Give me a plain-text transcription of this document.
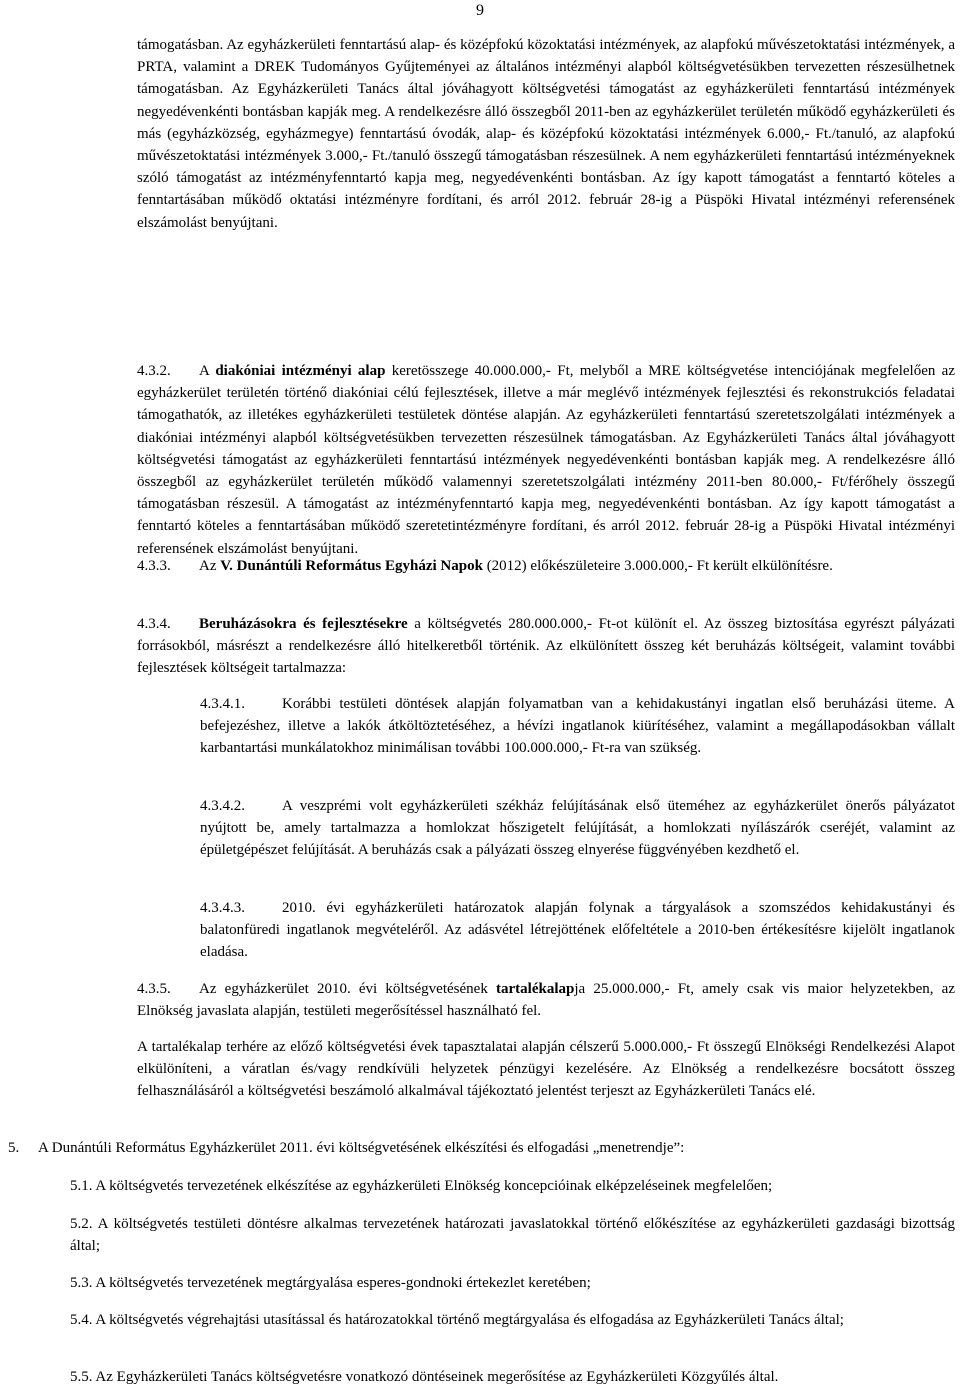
9

támogatásban. Az egyházkerületi fenntartású alap- és középfokú közoktatási intézmények, az alapfokú művészetoktatási intézmények, a PRTA, valamint a DREK Tudományos Gyűjteményei az általános intézményi alapból költségvetésükben tervezetten részesülhetnek támogatásban. Az Egyházkerületi Tanács által jóváhagyott költségvetési támogatást az egyházkerületi fenntartású intézmények negyedévenkénti bontásban kapják meg. A rendelkezésre álló összegből 2011-ben az egyházkerület területén működő egyházkerületi és más (egyházközség, egyházmegye) fenntartású óvodák, alap- és középfokú közoktatási intézmények 6.000,- Ft./tanuló, az alapfokú művészetoktatási intézmények 3.000,- Ft./tanuló összegű támogatásban részesülnek. A nem egyházkerületi fenntartású intézményeknek szóló támogatást az intézményfenntartó kapja meg, negyedévenkénti bontásban. Az így kapott támogatást a fenntartó köteles a fenntartásában működő oktatási intézményre fordítani, és arról 2012. február 28-ig a Püspöki Hivatal intézményi referensének elszámolást benyújtani.

4.3.2. A diakóniai intézményi alap keretösszege 40.000.000,- Ft, melyből a MRE költségvetése intenciójának megfelelően az egyházkerület területén történő diakóniai célú fejlesztések, illetve a már meglévő intézmények fejlesztési és rekonstrukciós feladatai támogathatók, az illetékes egyházkerületi testületek döntése alapján. Az egyházkerületi fenntartású szeretetszolgálati intézmények a diakóniai intézményi alapból költségvetésükben tervezetten részesülnek támogatásban. Az Egyházkerületi Tanács által jóváhagyott költségvetési támogatást az egyházkerületi fenntartású intézmények negyedévenkénti bontásban kapják meg. A rendelkezésre álló összegből az egyházkerület területén működő valamennyi szeretetszolgálati intézmény 2011-ben 80.000,- Ft/férőhely összegű támogatásban részesül. A támogatást az intézményfenntartó kapja meg, negyedévenkénti bontásban. Az így kapott támogatást a fenntartó köteles a fenntartásában működő szeretetintézményre fordítani, és arról 2012. február 28-ig a Püspöki Hivatal intézményi referensének elszámolást benyújtani.

4.3.3. Az V. Dunántúli Református Egyházi Napok (2012) előkészületeire 3.000.000,- Ft került elkülönítésre.

4.3.4. Beruházásokra és fejlesztésekre a költségvetés 280.000.000,- Ft-ot különít el. Az összeg biztosítása egyrészt pályázati forrásokból, másrészt a rendelkezésre álló hitelkeretből történik. Az elkülönített összeg két beruházás költségeit, valamint további fejlesztések költségeit tartalmazza:

4.3.4.1. Korábbi testületi döntések alapján folyamatban van a kehidakustányi ingatlan első beruházási üteme. A befejezéshez, illetve a lakók átköltöztetéséhez, a hévízi ingatlanok kiürítéséhez, valamint a megállapodásokban vállalt karbantartási munkálatokhoz minimálisan további 100.000.000,- Ft-ra van szükség.

4.3.4.2. A veszprémi volt egyházkerületi székház felújításának első üteméhez az egyházkerület önerős pályázatot nyújtott be, amely tartalmazza a homlokzat hőszigetelt felújítását, a homlokzati nyílászárók cseréjét, valamint az épületgépészet felújítását. A beruházás csak a pályázati összeg elnyerése függvényében kezdhető el.

4.3.4.3. 2010. évi egyházkerületi határozatok alapján folynak a tárgyalások a szomszédos kehidakustányi és balatonfüredi ingatlanok megvételéről. Az adásvétel létrejöttének előfeltétele a 2010-ben értékesítésre kijelölt ingatlanok eladása.

4.3.5. Az egyházkerület 2010. évi költségvetésének tartalékalapja 25.000.000,- Ft, amely csak vis maior helyzetekben, az Elnökség javaslata alapján, testületi megerősítéssel használható fel.

A tartalékalap terhére az előző költségvetési évek tapasztalatai alapján célszerű 5.000.000,- Ft összegű Elnökségi Rendelkezési Alapot elkülöníteni, a váratlan és/vagy rendkívüli helyzetek pénzügyi kezelésére. Az Elnökség a rendelkezésre bocsátott összeg felhasználásáról a költségvetési beszámoló alkalmával tájékoztató jelentést terjeszt az Egyházkerületi Tanács elé.

5. A Dunántúli Református Egyházkerület 2011. évi költségvetésének elkészítési és elfogadási „menetrendje”:
5.1. A költségvetés tervezetének elkészítése az egyházkerületi Elnökség koncepcióinak elképzeléseinek megfelelően;
5.2. A költségvetés testületi döntésre alkalmas tervezetének határozati javaslatokkal történő előkészítése az egyházkerületi gazdasági bizottság által;
5.3. A költségvetés tervezetének megtárgyalása esperes-gondnoki értekezlet keretében;
5.4. A költségvetés végrehajtási utasítással és határozatokkal történő megtárgyalása és elfogadása az Egyházkerületi Tanács által;
5.5. Az Egyházkerületi Tanács költségvetésre vonatkozó döntéseinek megerősítése az Egyházkerületi Közgyűlés által.
